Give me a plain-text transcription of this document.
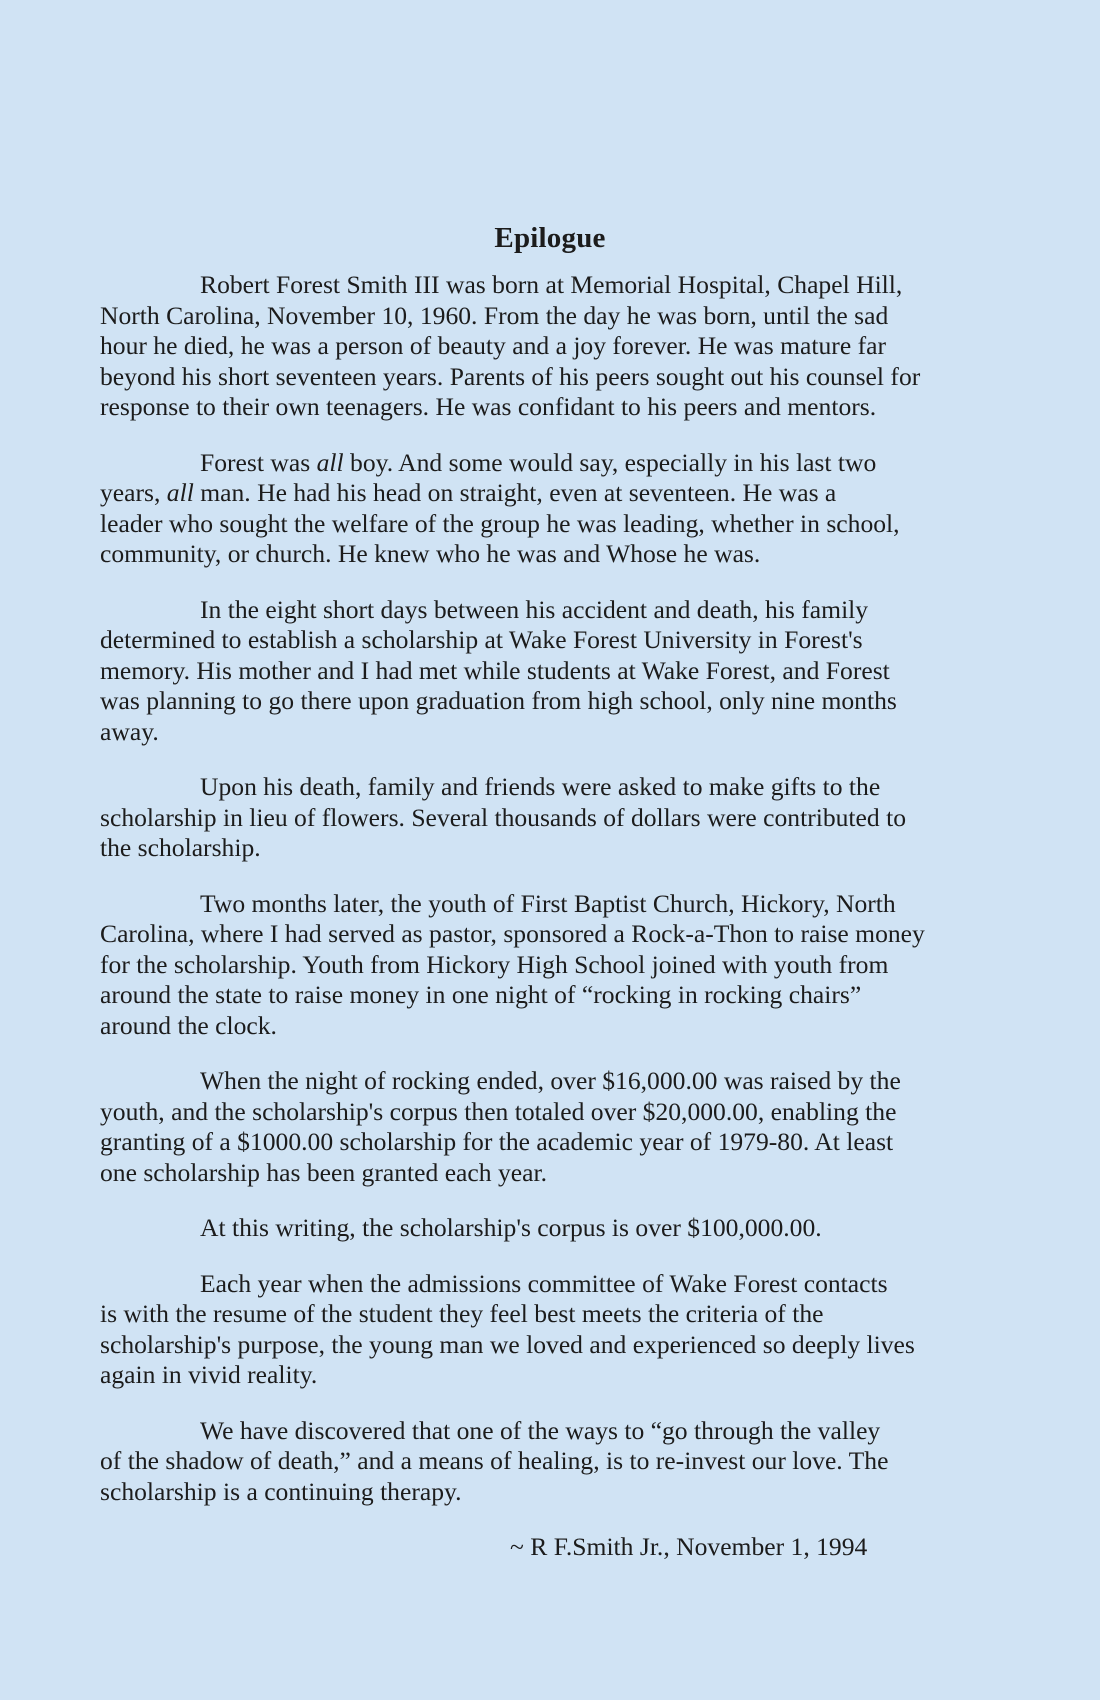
Epilogue

Robert Forest Smith III was born at Memorial Hospital, Chapel Hill,
North Carolina, November 10, 1960. From the day he was born, until the sad
hour he died, he was a person of beauty and a joy forever. He was mature far
beyond his short seventeen years. Parents of his peers sought out his counsel for
response to their own teenagers. He was confidant to his peers and mentors.

Forest was all boy. And some would say, especially in his last two
years, all man. He had his head on straight, even at seventeen. He was a
leader who sought the welfare of the group he was leading, whether in school,
community, or church. He knew who he was and Whose he was.

In the eight short days between his accident and death, his family
determined to establish a scholarship at Wake Forest University in Forest's
memory. His mother and I had met while students at Wake Forest, and Forest
was planning to go there upon graduation from high school, only nine months
away.

Upon his death, family and friends were asked to make gifts to the
scholarship in lieu of flowers. Several thousands of dollars were contributed to
the scholarship.

Two months later, the youth of First Baptist Church, Hickory, North
Carolina, where I had served as pastor, sponsored a Rock-a-Thon to raise money
for the scholarship. Youth from Hickory High School joined with youth from
around the state to raise money in one night of “rocking in rocking chairs”
around the clock.

When the night of rocking ended, over $16,000.00 was raised by the
youth, and the scholarship's corpus then totaled over $20,000.00, enabling the
granting of a $1000.00 scholarship for the academic year of 1979-80. At least
one scholarship has been granted each year.

At this writing, the scholarship's corpus is over $100,000.00.

Each year when the admissions committee of Wake Forest contacts
is with the resume of the student they feel best meets the criteria of the
scholarship's purpose, the young man we loved and experienced so deeply lives
again in vivid reality.

We have discovered that one of the ways to “go through the valley
of the shadow of death,” and a means of healing, is to re-invest our love. The
scholarship is a continuing therapy.

~ R F.Smith Jr., November 1, 1994
